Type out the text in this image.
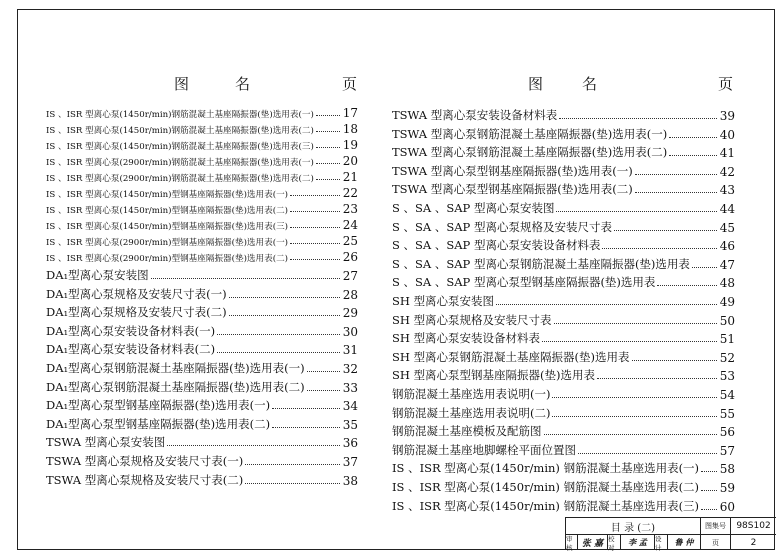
图	名	页
IS 、ISR 型离心泵(1450r/min)钢筋混凝土基座隔振器(垫)选用表(一) 17
IS 、ISR 型离心泵(1450r/min)钢筋混凝土基座隔振器(垫)选用表(二) 18
IS 、ISR 型离心泵(1450r/min)钢筋混凝土基座隔振器(垫)选用表(三) 19
IS 、ISR 型离心泵(2900r/min)钢筋混凝土基座隔振器(垫)选用表(一) 20
IS 、ISR 型离心泵(2900r/min)钢筋混凝土基座隔振器(垫)选用表(二) 21
IS 、ISR 型离心泵(1450r/min)型钢基座隔振器(垫)选用表(一)	22
IS 、ISR 型离心泵(1450r/min)型钢基座隔振器(垫)选用表(二)	23
IS 、ISR 型离心泵(1450r/min)型钢基座隔振器(垫)选用表(三)	24
IS 、ISR 型离心泵(2900r/min)型钢基座隔振器(垫)选用表(一)	25
IS 、ISR 型离心泵(2900r/min)型钢基座隔振器(垫)选用表(二)	26
DA₁型离心泵安装图	27
DA₁型离心泵规格及安装尺寸表(一)	28
DA₁型离心泵规格及安装尺寸表(二)	29
DA₁型离心泵安装设备材料表(一)	30
DA₁型离心泵安装设备材料表(二)	31
DA₁型离心泵钢筋混凝土基座隔振器(垫)选用表(一)	32
DA₁型离心泵钢筋混凝土基座隔振器(垫)选用表(二)	33
DA₁型离心泵型钢基座隔振器(垫)选用表(一)	34
DA₁型离心泵型钢基座隔振器(垫)选用表(二)	35
TSWA 型离心泵安装图	36
TSWA 型离心泵规格及安装尺寸表(一)	37
TSWA 型离心泵规格及安装尺寸表(二)	38
图 名	页
TSWA 型离心泵安装设备材料表	39
TSWA 型离心泵钢筋混凝土基座隔振器(垫)选用表(一)	40
TSWA 型离心泵钢筋混凝土基座隔振器(垫)选用表(二)	41
TSWA 型离心泵型钢基座隔振器(垫)选用表(一)	42
TSWA 型离心泵型钢基座隔振器(垫)选用表(二)	43
S 、SA 、SAP 型离心泵安装图	44
S 、SA 、SAP 型离心泵规格及安装尺寸表	45
S 、SA 、SAP 型离心泵安装设备材料表	46
S 、SA 、SAP 型离心泵钢筋混凝土基座隔振器(垫)选用表 47
S 、SA 、SAP 型离心泵型钢基座隔振器(垫)选用表	48
SH 型离心泵安装图	49
SH 型离心泵规格及安装尺寸表	50
SH 型离心泵安装设备材料表	51
SH 型离心泵钢筋混凝土基座隔振器(垫)选用表	52
SH 型离心泵型钢基座隔振器(垫)选用表	53
钢筋混凝土基座选用表说明(一)	54
钢筋混凝土基座选用表说明(二)	55
钢筋混凝土基座模板及配筋图	56
钢筋混凝土基座地脚螺栓平面位置图	57
IS 、ISR 型离心泵(1450r/min) 钢筋混凝土基座选用表(一) 58
IS 、ISR 型离心泵(1450r/min) 钢筋混凝土基座选用表(二) 59
IS 、ISR 型离心泵(1450r/min) 钢筋混凝土基座选用表(三) 60
目 录 (二)	图集号	98S102
审核	张 嘉
校对
李 孟	设计
鲁 仲	页	2
